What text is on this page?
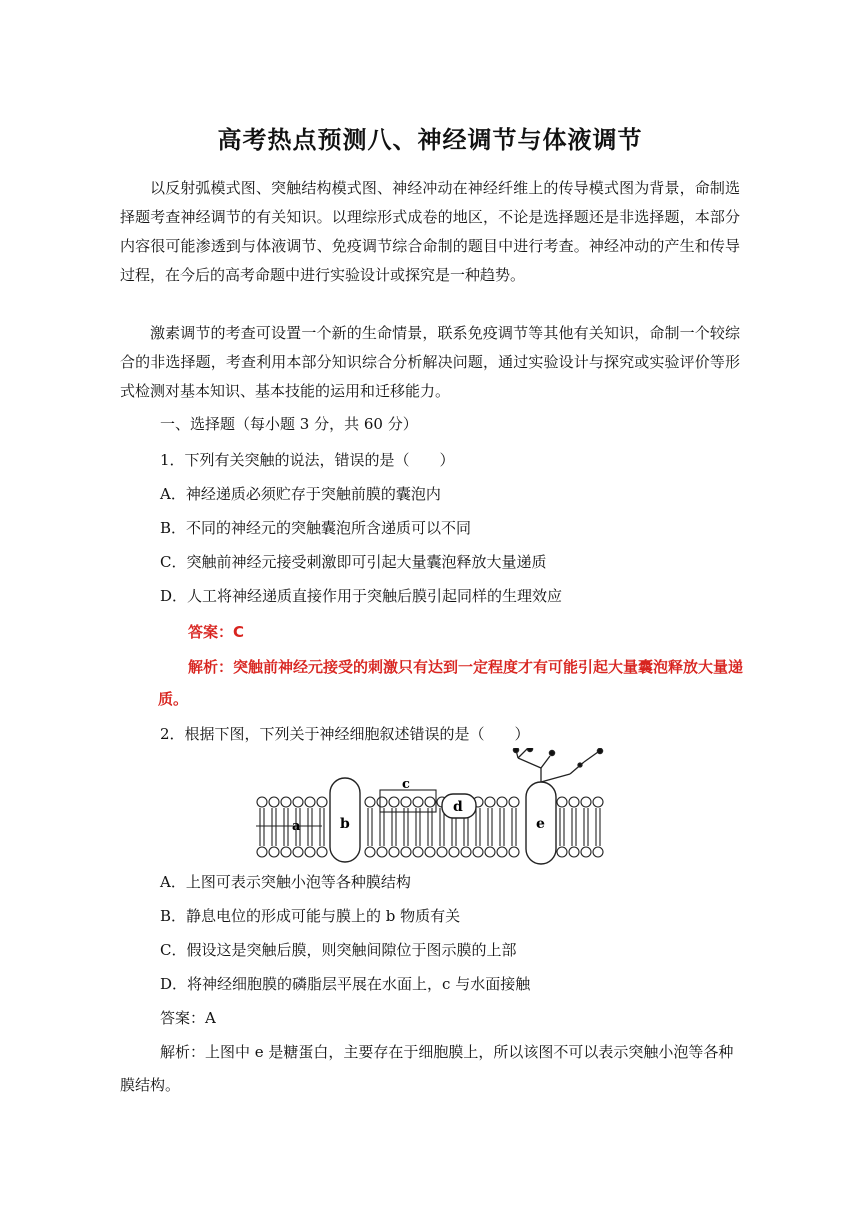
高考热点预测八、神经调节与体液调节

以反射弧模式图、突触结构模式图、神经冲动在神经纤维上的传导模式图为背景，命制选择题考查神经调节的有关知识。以理综形式成卷的地区，不论是选择题还是非选择题，本部分内容很可能渗透到与体液调节、免疫调节综合命制的题目中进行考查。神经冲动的产生和传导过程，在今后的高考命题中进行实验设计或探究是一种趋势。

激素调节的考查可设置一个新的生命情景，联系免疫调节等其他有关知识，命制一个较综合的非选择题，考查利用本部分知识综合分析解决问题，通过实验设计与探究或实验评价等形式检测对基本知识、基本技能的运用和迁移能力。

一、选择题（每小题 3 分，共 60 分）
1．下列有关突触的说法，错误的是（　　）
A．神经递质必须贮存于突触前膜的囊泡内
B．不同的神经元的突触囊泡所含递质可以不同
C．突触前神经元接受刺激即可引起大量囊泡释放大量递质
D．人工将神经递质直接作用于突触后膜引起同样的生理效应
答案：C
解析：突触前神经元接受的刺激只有达到一定程度才有可能引起大量囊泡释放大量递
质。
2．根据下图，下列关于神经细胞叙述错误的是（　　）
a	b
c
d
e
A．上图可表示突触小泡等各种膜结构
B．静息电位的形成可能与膜上的 b 物质有关
C．假设这是突触后膜，则突触间隙位于图示膜的上部
D．将神经细胞膜的磷脂层平展在水面上，c 与水面接触
答案：A
解析：上图中 e 是糖蛋白，主要存在于细胞膜上，所以该图不可以表示突触小泡等各种
膜结构。
